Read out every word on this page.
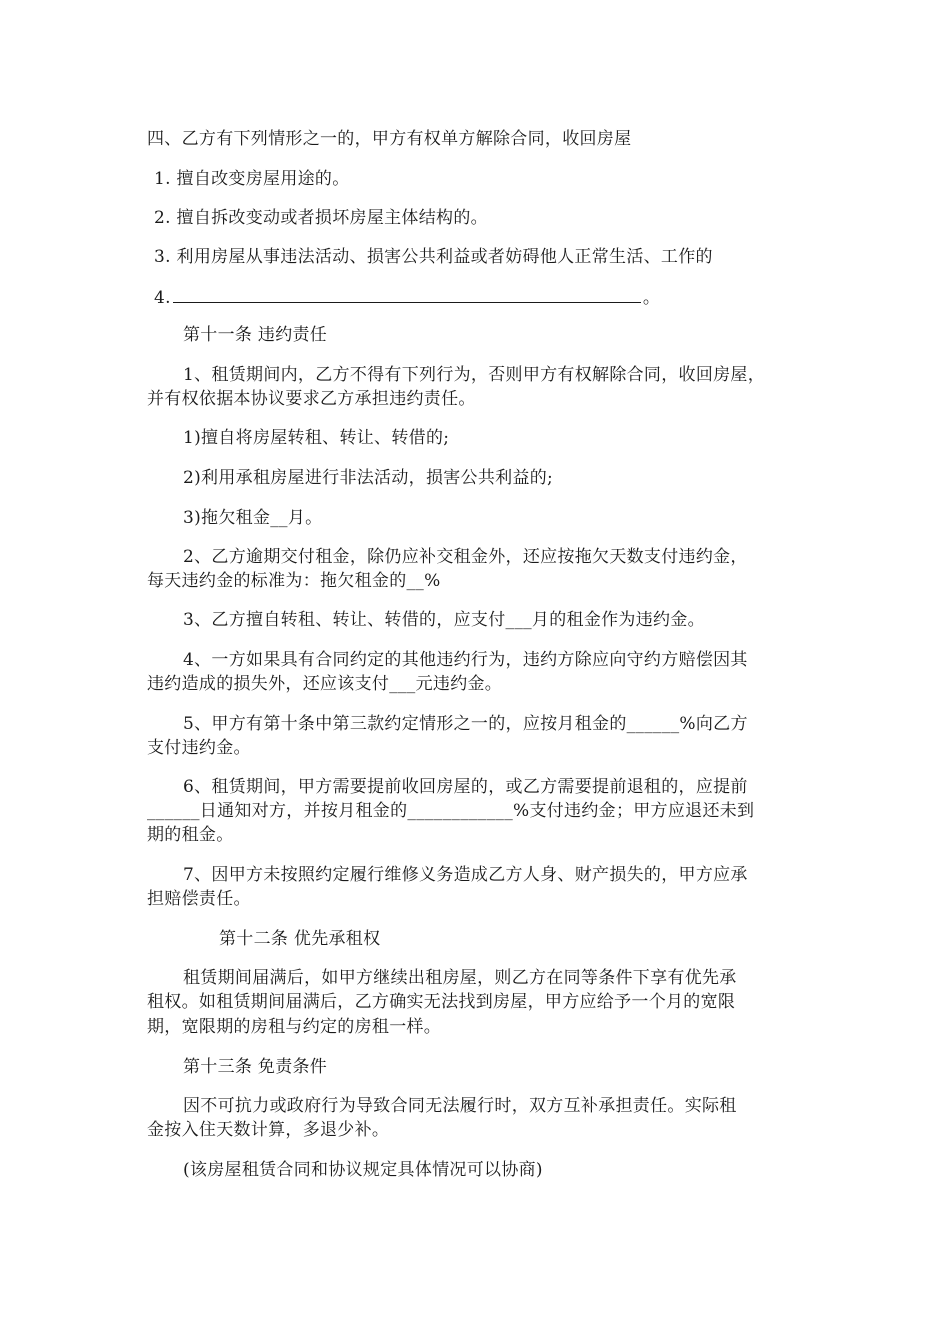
四、乙方有下列情形之一的，甲方有权单方解除合同，收回房屋
1. 擅自改变房屋用途的。
2. 擅自拆改变动或者损坏房屋主体结构的。
3. 利用房屋从事违法活动、损害公共利益或者妨碍他人正常生活、工作的
4.	。
第十一条 违约责任
1、租赁期间内，乙方不得有下列行为，否则甲方有权解除合同，收回房屋，
并有权依据本协议要求乙方承担违约责任。
1)擅自将房屋转租、转让、转借的;
2)利用承租房屋进行非法活动，损害公共利益的;
3)拖欠租金__月。
2、乙方逾期交付租金，除仍应补交租金外，还应按拖欠天数支付违约金，
每天违约金的标准为：拖欠租金的__%
3、乙方擅自转租、转让、转借的，应支付___月的租金作为违约金。
4、一方如果具有合同约定的其他违约行为，违约方除应向守约方赔偿因其
违约造成的损失外，还应该支付___元违约金。
5、甲方有第十条中第三款约定情形之一的，应按月租金的______%向乙方
支付违约金。
6、租赁期间，甲方需要提前收回房屋的，或乙方需要提前退租的，应提前
______日通知对方，并按月租金的____________%支付违约金；甲方应退还未到
期的租金。
7、因甲方未按照约定履行维修义务造成乙方人身、财产损失的，甲方应承
担赔偿责任。
第十二条 优先承租权
租赁期间届满后，如甲方继续出租房屋，则乙方在同等条件下享有优先承
租权。如租赁期间届满后，乙方确实无法找到房屋，甲方应给予一个月的宽限
期，宽限期的房租与约定的房租一样。
第十三条 免责条件
因不可抗力或政府行为导致合同无法履行时，双方互补承担责任。实际租
金按入住天数计算，多退少补。
(该房屋租赁合同和协议规定具体情况可以协商)
